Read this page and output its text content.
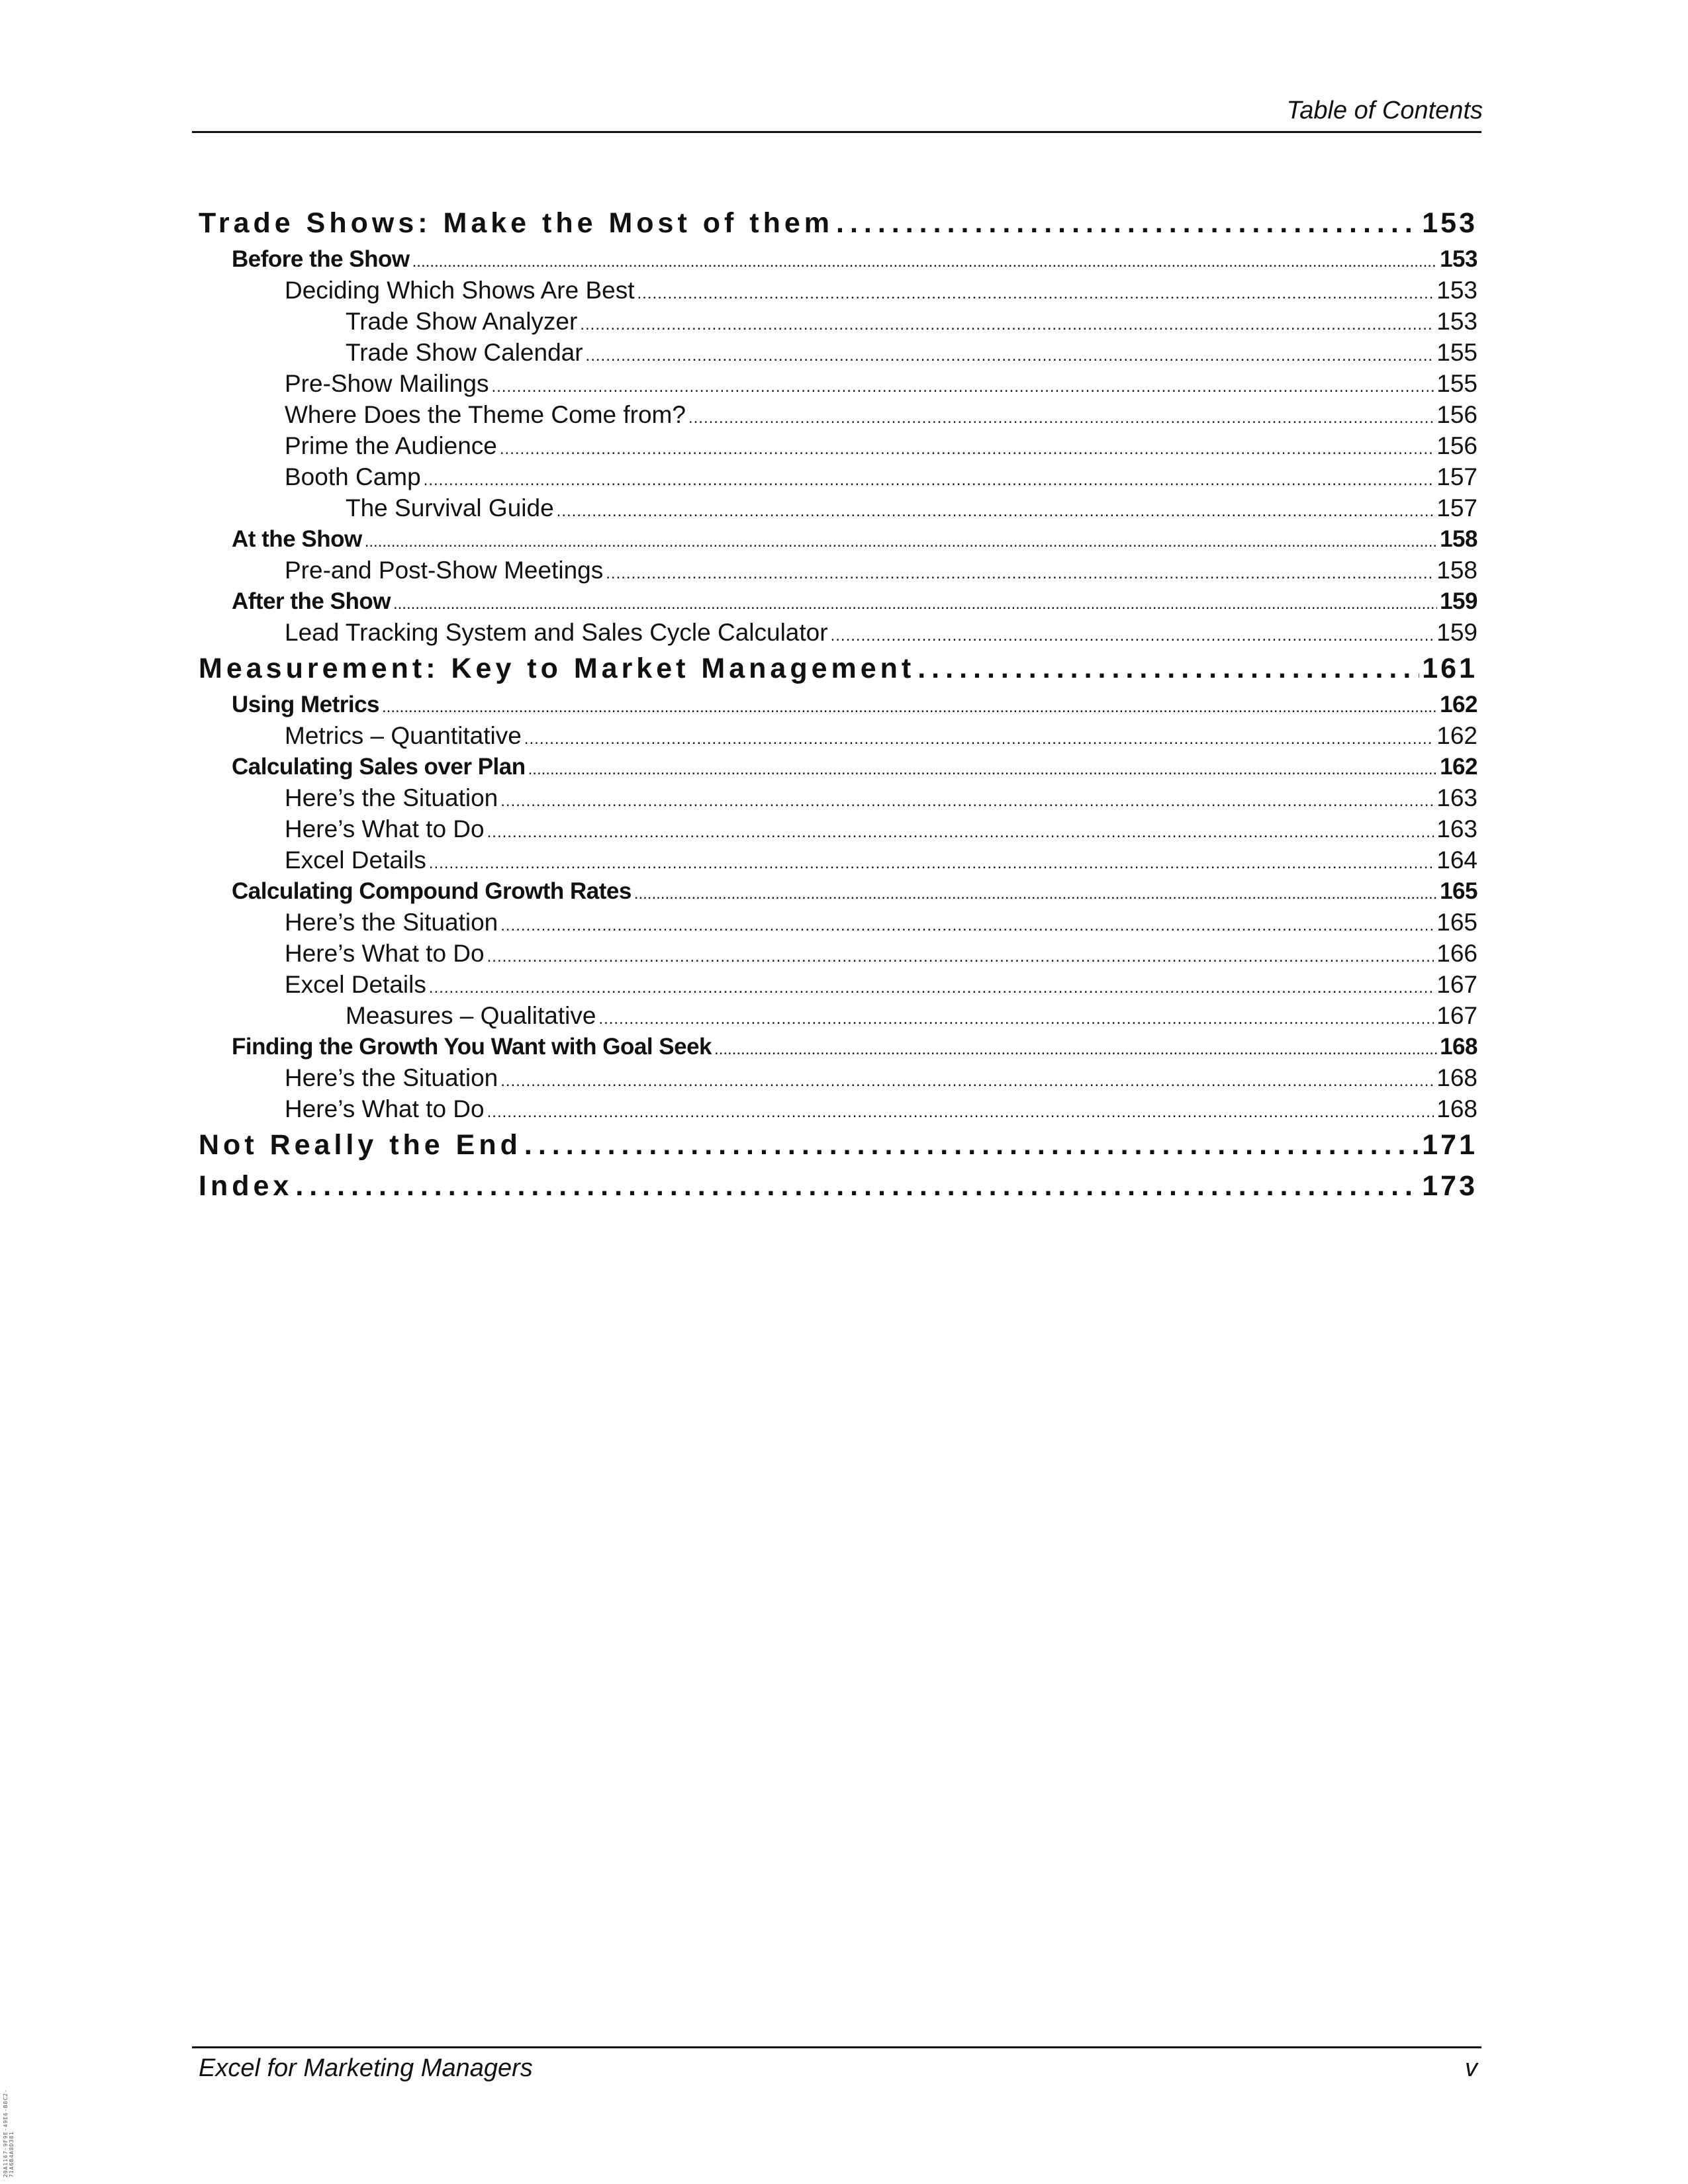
Table of Contents
Trade Shows: Make the Most of them .....	153
Before the Show .....	153
Deciding Which Shows Are Best .....	153
Trade Show Analyzer .....	153
Trade Show Calendar .....	155
Pre-Show Mailings .....	155
Where Does the Theme Come from? .....	156
Prime the Audience .....	156
Booth Camp .....	157
The Survival Guide .....	157
At the Show .....	158
Pre-and Post-Show Meetings .....	158
After the Show .....	159
Lead Tracking System and Sales Cycle Calculator .....	159
Measurement: Key to Market Management .....	161
Using Metrics .....	162
Metrics – Quantitative .....	162
Calculating Sales over Plan .....	162
Here’s the Situation .....	163
Here’s What to Do .....	163
Excel Details .....	164
Calculating Compound Growth Rates .....	165
Here’s the Situation .....	165
Here’s What to Do .....	166
Excel Details .....	167
Measures – Qualitative .....	167
Finding the Growth You Want with Goal Seek .....	168
Here’s the Situation .....	168
Here’s What to Do .....	168
Not Really the End .....	171
Index .....	173
Excel for Marketing Managers	v
20A1167-9F9E-49E6-B8C2-71A6B4A8D381
